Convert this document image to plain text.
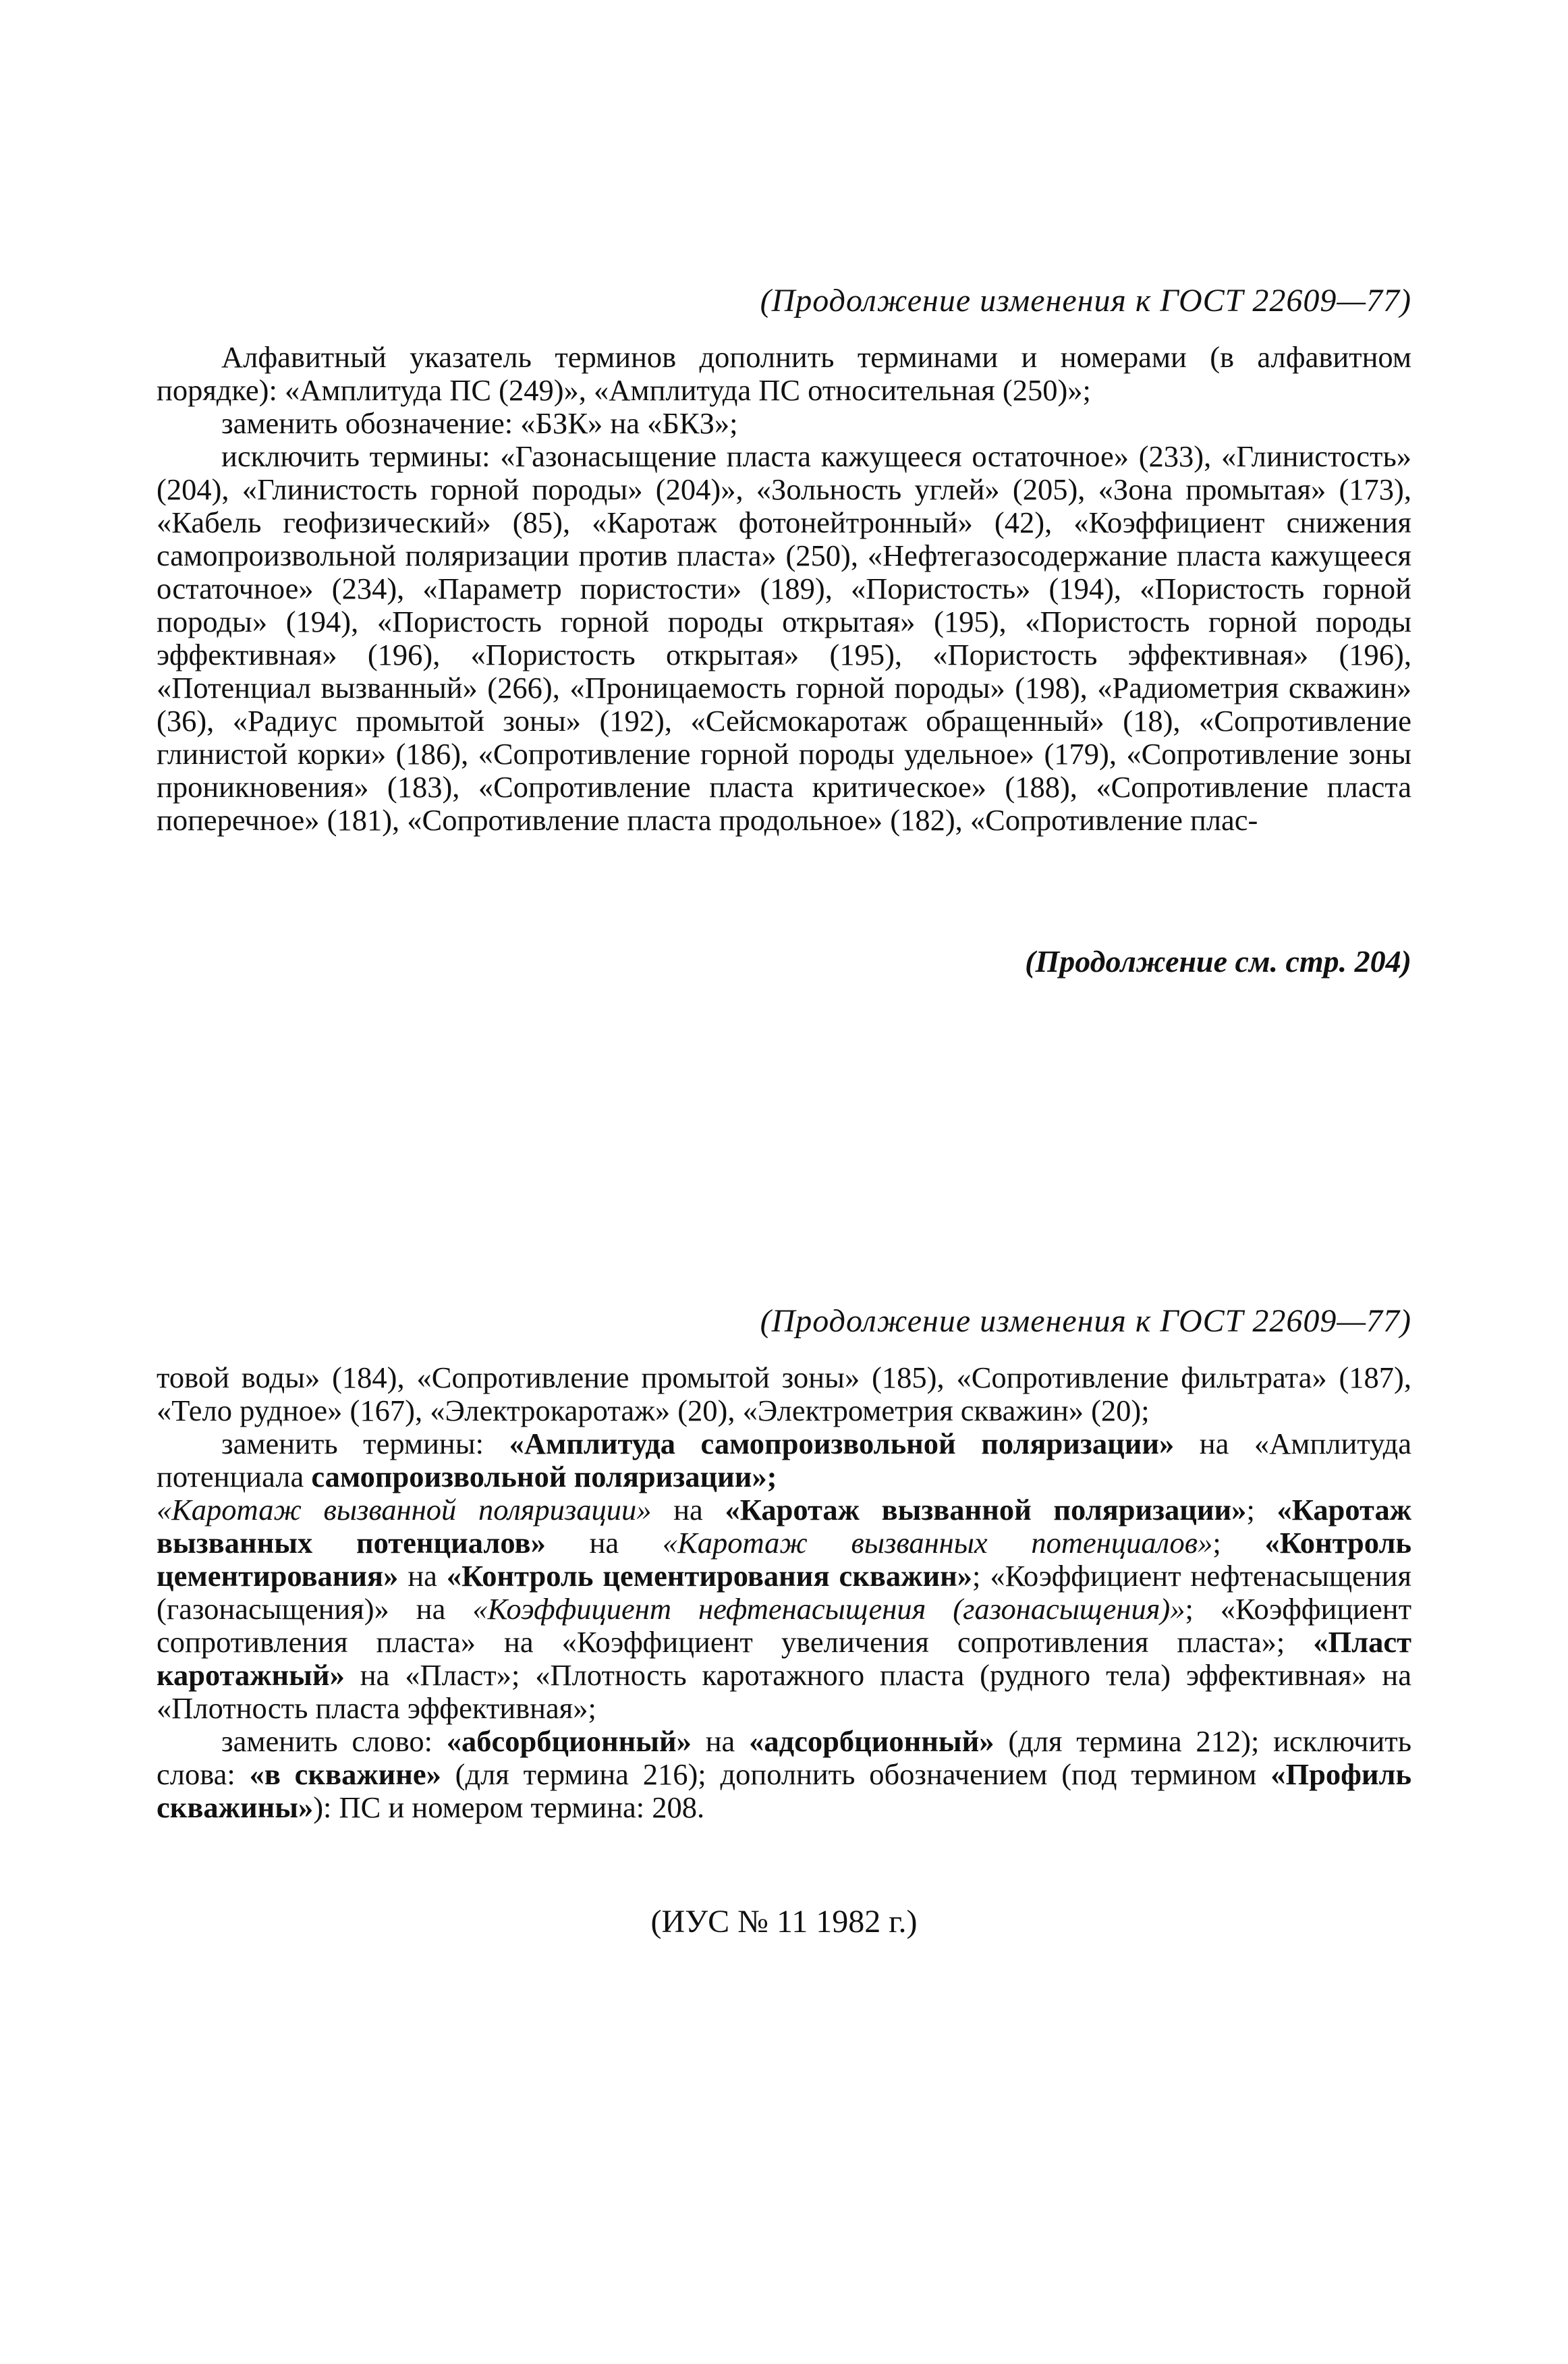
(Продолжение изменения к ГОСТ 22609—77)

Алфавитный указатель терминов дополнить терминами и номерами (в алфавитном порядке): «Амплитуда ПС (249)», «Амплитуда ПС относительная (250)»;

заменить обозначение: «БЗК» на «БКЗ»;

исключить термины: «Газонасыщение пласта кажущееся остаточное» (233), «Глинистость» (204), «Глинистость горной породы» (204)», «Зольность углей» (205), «Зона промытая» (173), «Кабель геофизический» (85), «Каротаж фотонейтронный» (42), «Коэффициент снижения самопроизвольной поляризации против пласта» (250), «Нефтегазосодержание пласта кажущееся остаточное» (234), «Параметр пористости» (189), «Пористость» (194), «Пористость горной породы» (194), «Пористость горной породы открытая» (195), «Пористость горной породы эффективная» (196), «Пористость открытая» (195), «Пористость эффективная» (196), «Потенциал вызванный» (266), «Проницаемость горной породы» (198), «Радиометрия скважин» (36), «Радиус промытой зоны» (192), «Сейсмокаротаж обращенный» (18), «Сопротивление глинистой корки» (186), «Сопротивление горной породы удельное» (179), «Сопротивление зоны проникновения» (183), «Сопротивление пласта критическое» (188), «Сопротивление пласта поперечное» (181), «Сопротивление пласта продольное» (182), «Сопротивление плас-

(Продолжение см. стр. 204)
(Продолжение изменения к ГОСТ 22609—77)

товой воды» (184), «Сопротивление промытой зоны» (185), «Сопротивление фильтрата» (187), «Тело рудное» (167), «Электрокаротаж» (20), «Электрометрия скважин» (20);

заменить термины: «Амплитуда самопроизвольной поляризации» на «Амплитуда потенциала самопроизвольной поляризации»;

«Каротаж вызванной поляризации» на «Каротаж вызванной поляризации»; «Каротаж вызванных потенциалов» на «Каротаж вызванных потенциалов»; «Контроль цементирования» на «Контроль цементирования скважин»; «Коэффициент нефтенасыщения (газонасыщения)» на «Коэффициент нефтенасыщения (газонасыщения)»; «Коэффициент сопротивления пласта» на «Коэффициент увеличения сопротивления пласта»; «Пласт каротажный» на «Пласт»; «Плотность каротажного пласта (рудного тела) эффективная» на «Плотность пласта эффективная»;

заменить слово: «абсорбционный» на «адсорбционный» (для термина 212); исключить слова: «в скважине» (для термина 216); дополнить обозначением (под термином «Профиль скважины»): ПС и номером термина: 208.

(ИУС № 11 1982 г.)
